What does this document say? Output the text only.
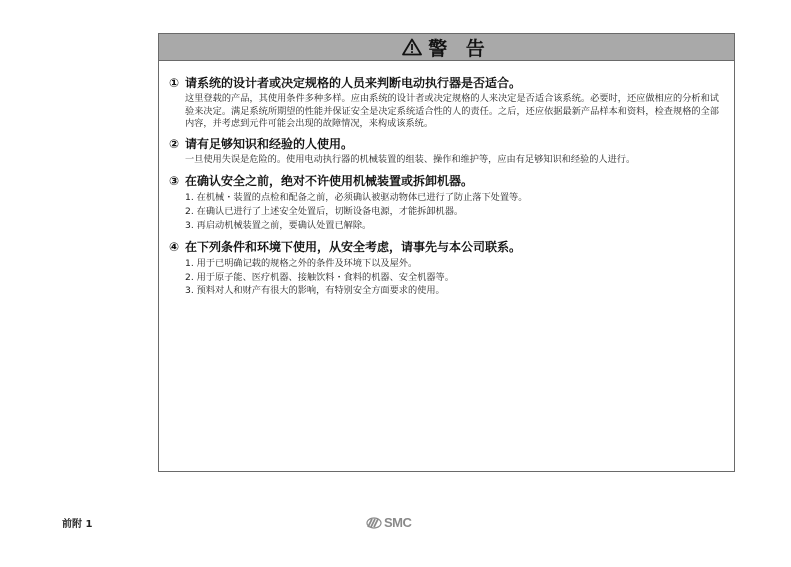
警 告
① 请系统的设计者或决定规格的人员来判断电动执行器是否适合。
这里登载的产品，其使用条件多种多样。应由系统的设计者或决定规格的人来决定是否适合该系统。必要时，还应做相应的分析和试验来决定。满足系统所期望的性能并保证安全是决定系统适合性的人的责任。之后，还应依据最新产品样本和资料，检查规格的全部内容，并考虑到元件可能会出现的故障情况，来构成该系统。
② 请有足够知识和经验的人使用。
一旦使用失误是危险的。使用电动执行器的机械装置的组装、操作和维护等，应由有足够知识和经验的人进行。
③ 在确认安全之前，绝对不许使用机械装置或拆卸机器。
1. 在机械・装置的点检和配备之前，必须确认被驱动物体已进行了防止落下处置等。
2. 在确认已进行了上述安全处置后，切断设备电源，才能拆卸机器。
3. 再启动机械装置之前，要确认处置已解除。
④ 在下列条件和环境下使用，从安全考虑，请事先与本公司联系。
1. 用于已明确记载的规格之外的条件及环境下以及屋外。
2. 用于原子能、医疗机器、接触饮料・食料的机器、安全机器等。
3. 预料对人和财产有很大的影响，有特别安全方面要求的使用。
前附 1	SMC
